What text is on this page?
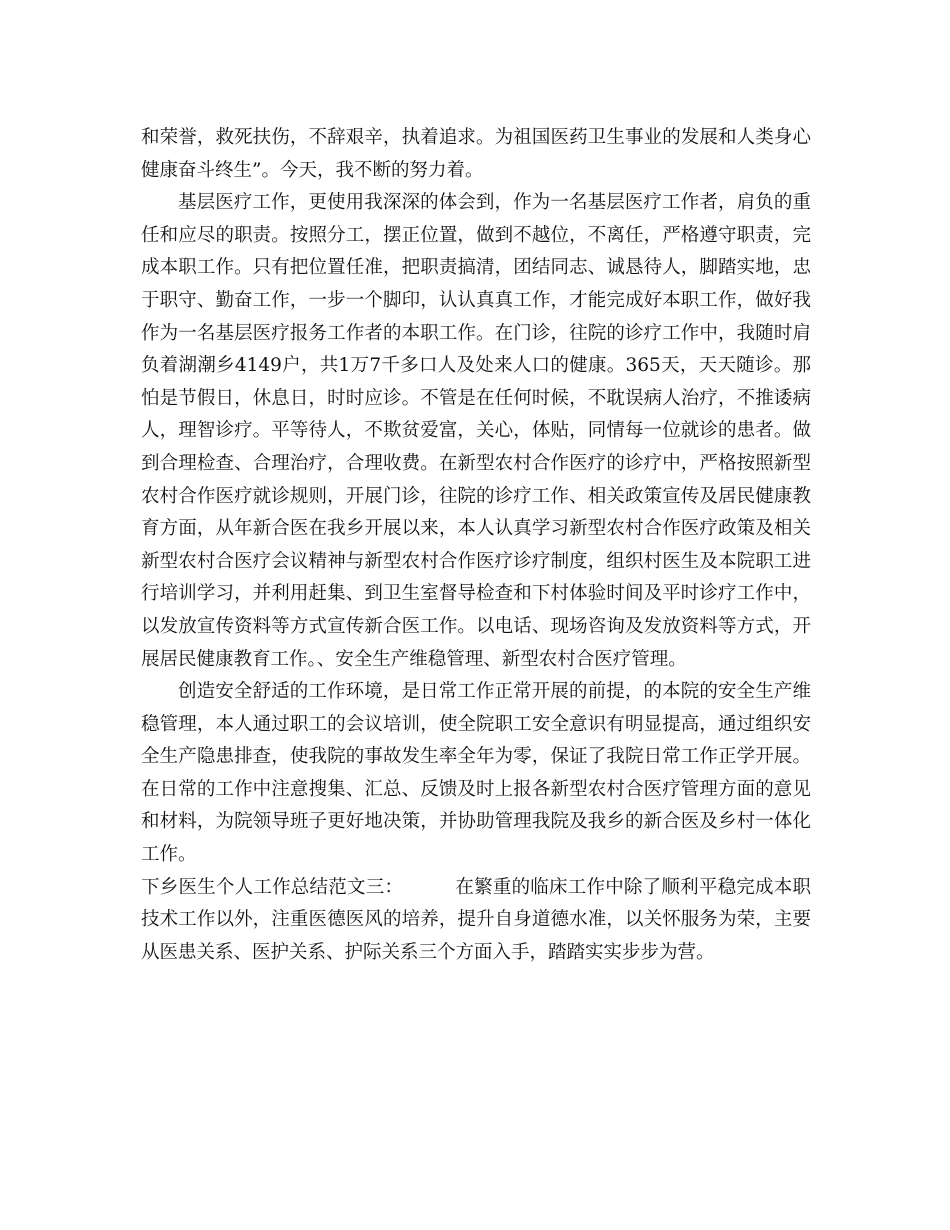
和荣誉，救死扶伤，不辞艰辛，执着追求。为祖国医药卫生事业的发展和人类身心健康奋斗终生”。今天，我不断的努力着。

基层医疗工作，更使用我深深的体会到，作为一名基层医疗工作者，肩负的重任和应尽的职责。按照分工，摆正位置，做到不越位，不离任，严格遵守职责，完成本职工作。只有把位置任准，把职责搞清，团结同志、诚恳待人，脚踏实地，忠于职守、勤奋工作，一步一个脚印，认认真真工作，才能完成好本职工作，做好我作为一名基层医疗报务工作者的本职工作。在门诊，往院的诊疗工作中，我随时肩负着湖潮乡4149户，共1万7千多口人及处来人口的健康。365天，天天随诊。那怕是节假日，休息日，时时应诊。不管是在任何时候，不耽误病人治疗，不推诿病人，理智诊疗。平等待人，不欺贫爱富，关心，体贴，同情每一位就诊的患者。做到合理检查、合理治疗，合理收费。在新型农村合作医疗的诊疗中，严格按照新型农村合作医疗就诊规则，开展门诊，往院的诊疗工作、相关政策宣传及居民健康教育方面，从年新合医在我乡开展以来，本人认真学习新型农村合作医疗政策及相关新型农村合医疗会议精神与新型农村合作医疗诊疗制度，组织村医生及本院职工进行培训学习，并利用赶集、到卫生室督导检查和下村体验时间及平时诊疗工作中，以发放宣传资料等方式宣传新合医工作。以电话、现场咨询及发放资料等方式，开展居民健康教育工作。、安全生产维稳管理、新型农村合医疗管理。

创造安全舒适的工作环境，是日常工作正常开展的前提，的本院的安全生产维稳管理，本人通过职工的会议培训，使全院职工安全意识有明显提高，通过组织安全生产隐患排查，使我院的事故发生率全年为零，保证了我院日常工作正学开展。在日常的工作中注意搜集、汇总、反馈及时上报各新型农村合医疗管理方面的意见和材料，为院领导班子更好地决策，并协助管理我院及我乡的新合医及乡村一体化工作。

下乡医生个人工作总结范文三：	在繁重的临床工作中除了顺利平稳完成本职技术工作以外，注重医德医风的培养，提升自身道德水准，以关怀服务为荣，主要从医患关系、医护关系、护际关系三个方面入手，踏踏实实步步为营。
